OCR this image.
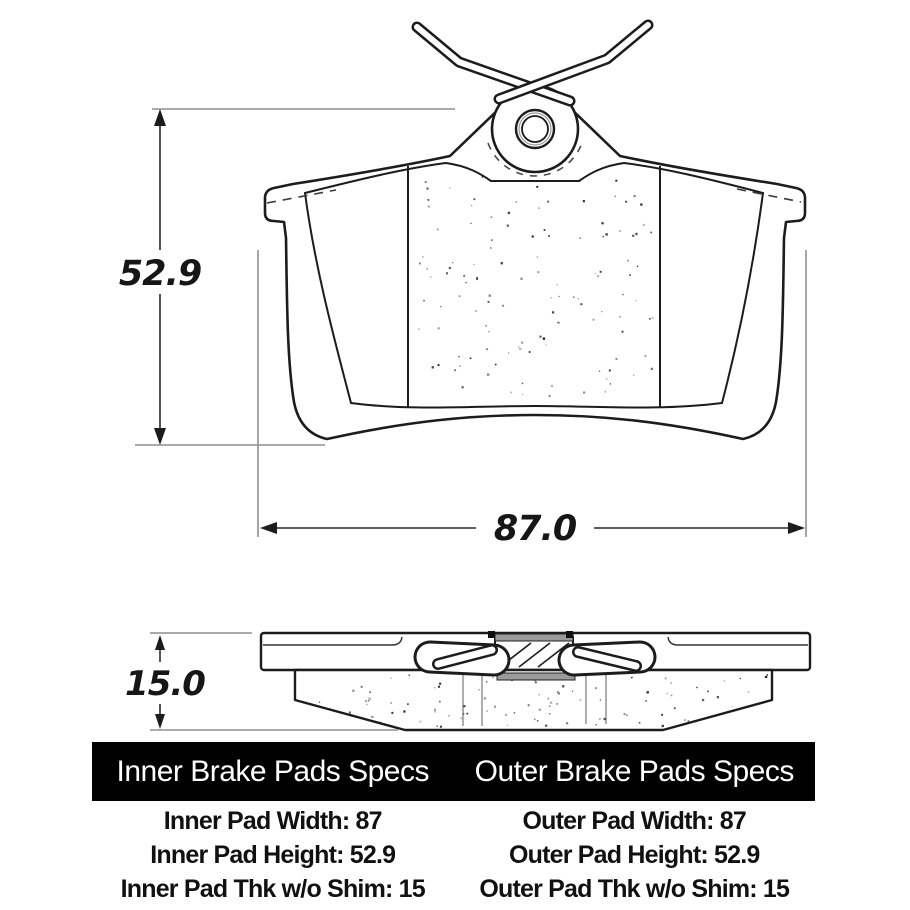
52.9
87.0
15.0
Inner Brake Pads Specs	Outer Brake Pads Specs
Inner Pad Width: 87	Outer Pad Width: 87
Inner Pad Height: 52.9	Outer Pad Height: 52.9
Inner Pad Thk w/o Shim: 15	Outer Pad Thk w/o Shim: 15
